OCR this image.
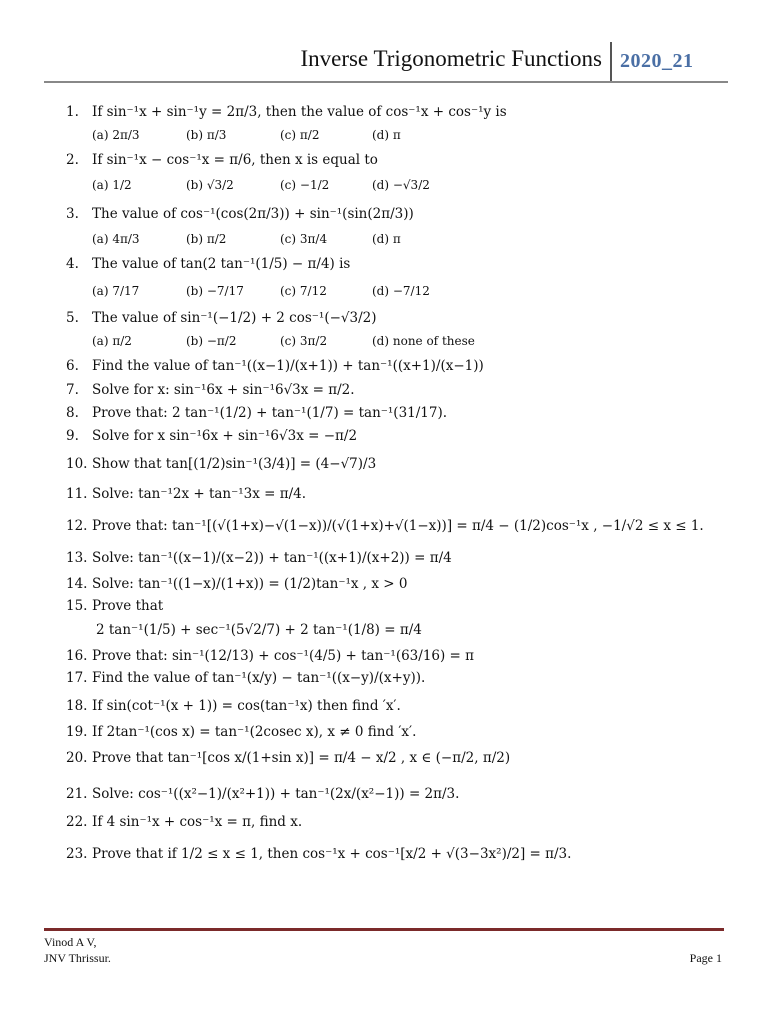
Inverse Trigonometric Functions 2020_21
1. If sin⁻¹x + sin⁻¹y = 2π/3, then the value of cos⁻¹x + cos⁻¹y is
(a) 2π/3	(b) π/3	(c) π/2	(d) π
2. If sin⁻¹x − cos⁻¹x = π/6, then x is equal to
(a) 1/2	(b) √3/2	(c) −1/2	(d) −√3/2
3. The value of cos⁻¹(cos(2π/3)) + sin⁻¹(sin(2π/3))
(a) 4π/3	(b) π/2	(c) 3π/4	(d) π
4. The value of tan(2 tan⁻¹(1/5) − π/4) is
(a) 7/17	(b) −7/17	(c) 7/12	(d) −7/12
5. The value of sin⁻¹(−1/2) + 2 cos⁻¹(−√3/2)
(a) π/2	(b) −π/2	(c) 3π/2	(d) none of these
6. Find the value of tan⁻¹((x−1)/(x+1)) + tan⁻¹((x+1)/(x−1))
7. Solve for x: sin⁻¹6x + sin⁻¹6√3x = π/2.
8. Prove that: 2 tan⁻¹(1/2) + tan⁻¹(1/7) = tan⁻¹(31/17).
9. Solve for x sin⁻¹6x + sin⁻¹6√3x = −π/2
10. Show that tan[(1/2)sin⁻¹(3/4)] = (4−√7)/3
11. Solve: tan⁻¹2x + tan⁻¹3x = π/4.
12. Prove that: tan⁻¹[(√(1+x)−√(1−x))/(√(1+x)+√(1−x))] = π/4 − (1/2)cos⁻¹x , −1/√2 ≤ x ≤ 1.
13. Solve: tan⁻¹((x−1)/(x−2)) + tan⁻¹((x+1)/(x+2)) = π/4
14. Solve: tan⁻¹((1−x)/(1+x)) = (1/2)tan⁻¹x , x > 0
15. Prove that
2 tan⁻¹(1/5) + sec⁻¹(5√2/7) + 2 tan⁻¹(1/8) = π/4
16. Prove that: sin⁻¹(12/13) + cos⁻¹(4/5) + tan⁻¹(63/16) = π
17. Find the value of tan⁻¹(x/y) − tan⁻¹((x−y)/(x+y)).
18. If sin(cot⁻¹(x + 1)) = cos(tan⁻¹x) then find ′x′.
19. If 2tan⁻¹(cos x) = tan⁻¹(2cosec x), x ≠ 0 find ′x′.
20. Prove that tan⁻¹[cos x/(1+sin x)] = π/4 − x/2 , x ∈ (−π/2, π/2)
21. Solve: cos⁻¹((x²−1)/(x²+1)) + tan⁻¹(2x/(x²−1)) = 2π/3.
22. If 4 sin⁻¹x + cos⁻¹x = π, find x.
23. Prove that if 1/2 ≤ x ≤ 1, then cos⁻¹x + cos⁻¹[x/2 + √(3−3x²)/2] = π/3.
Vinod A V,
JNV Thrissur.	Page 1
